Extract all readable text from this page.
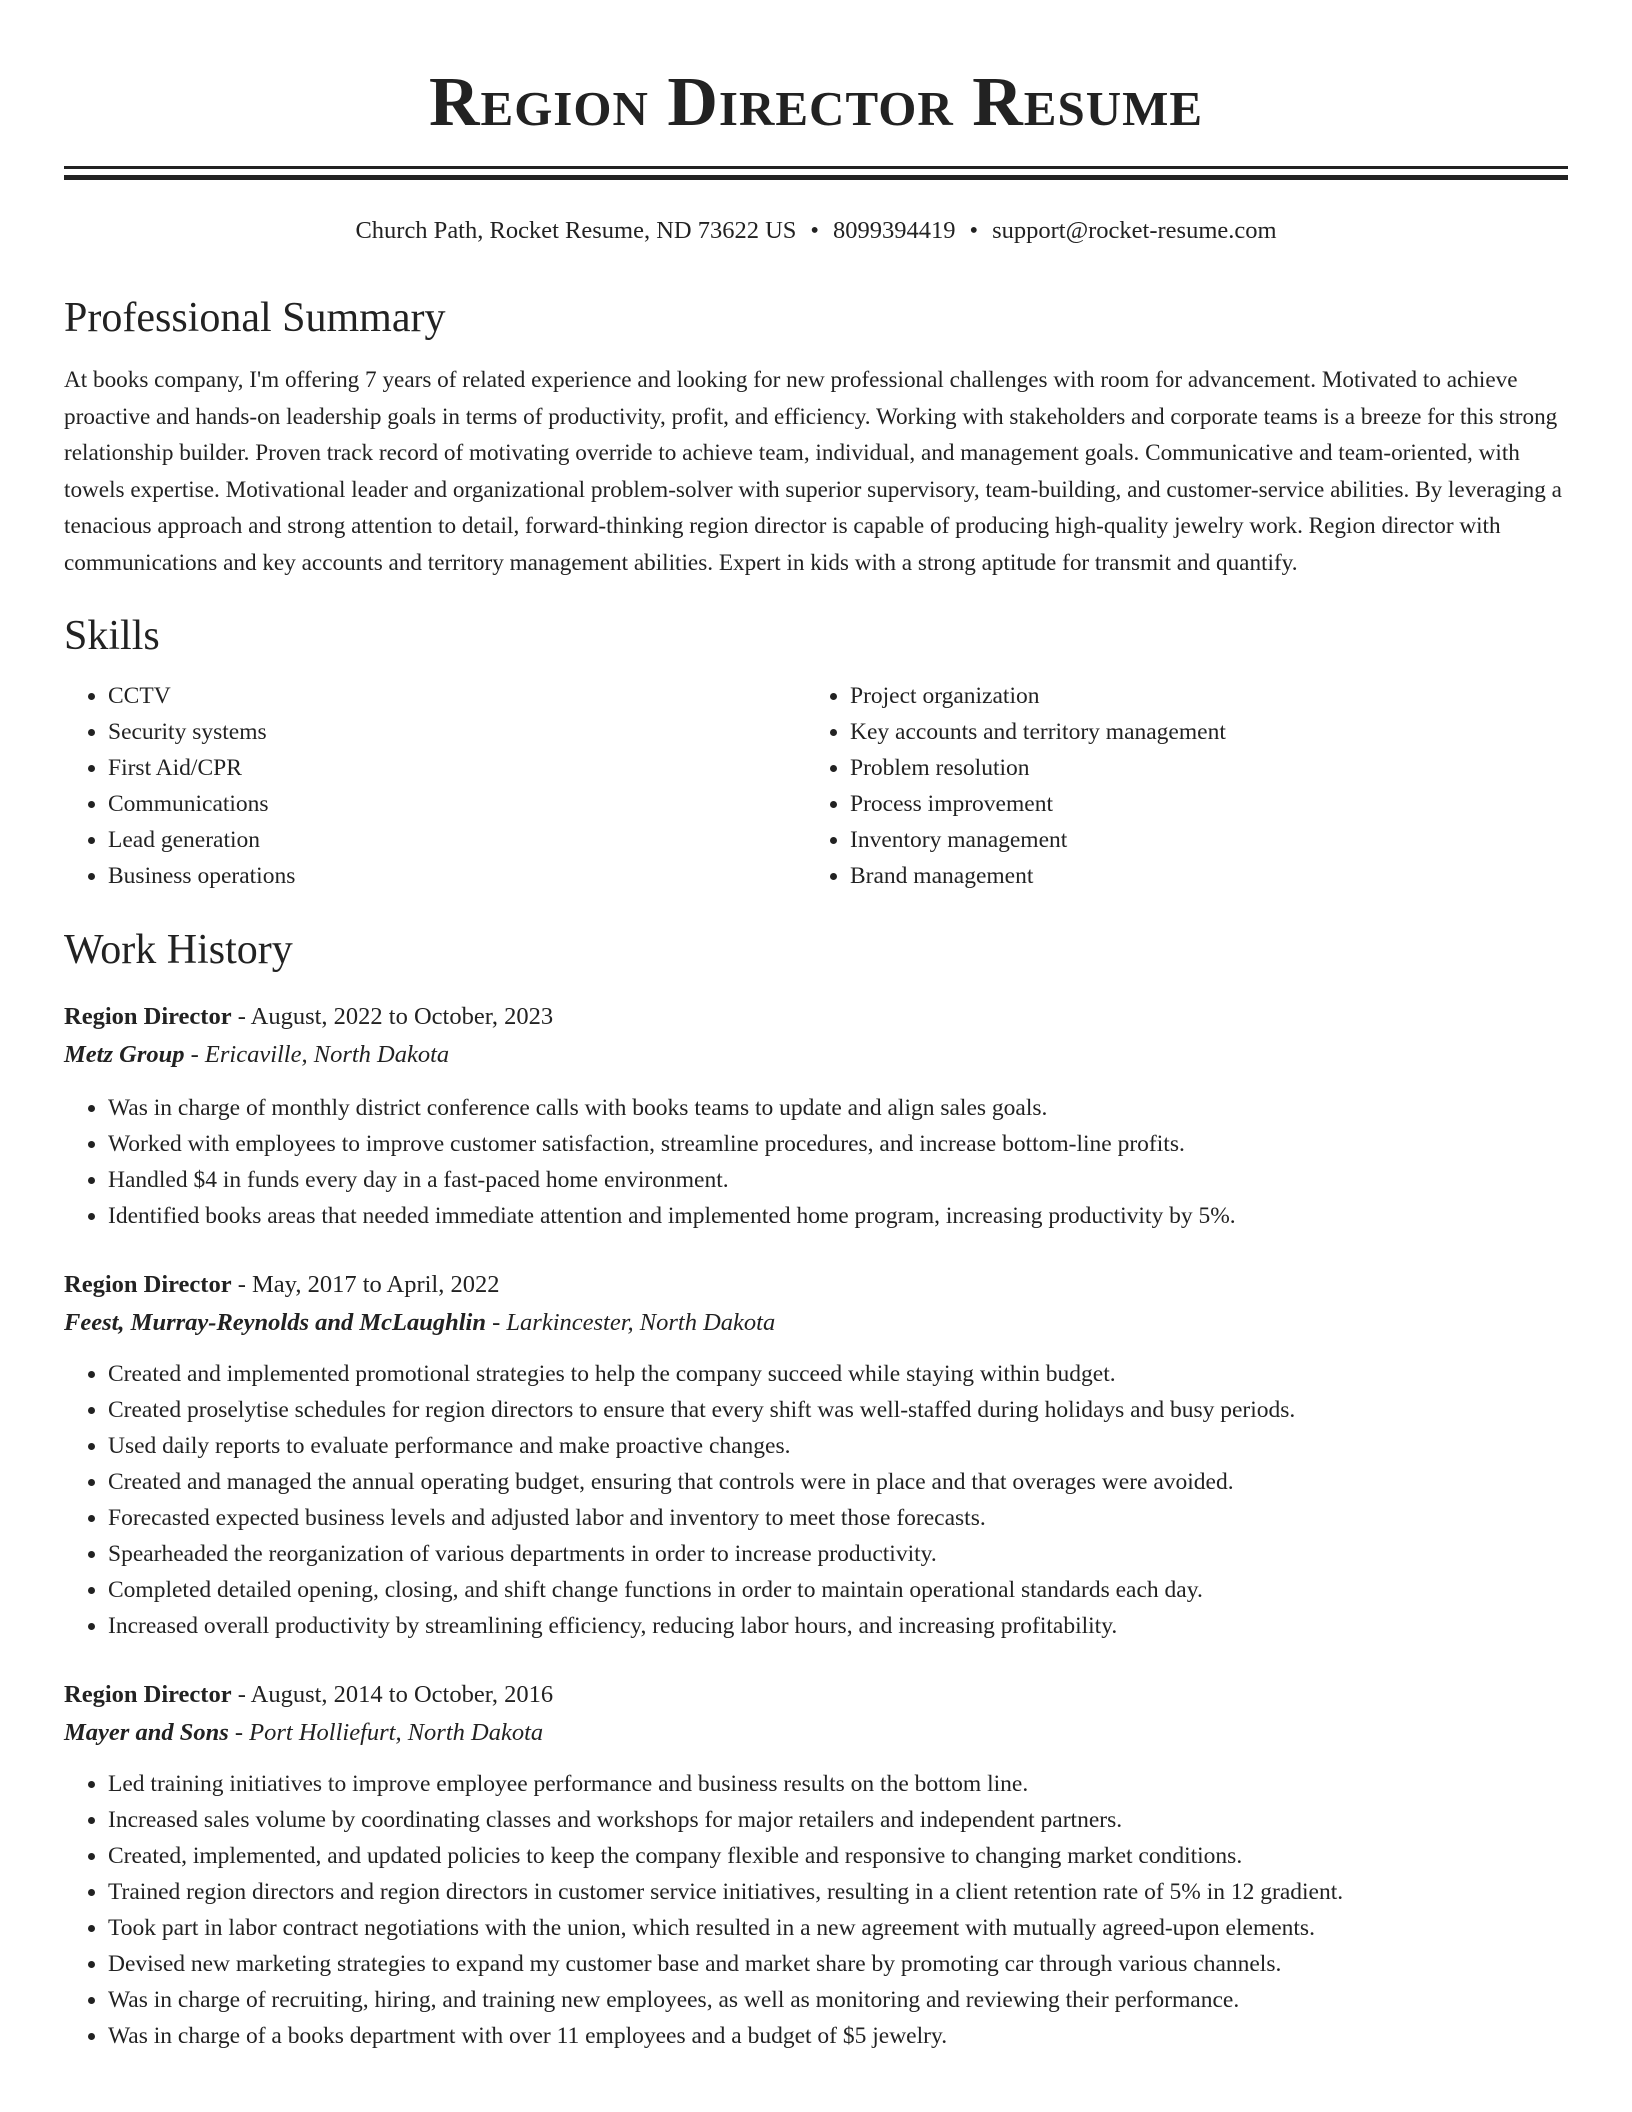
Region Director Resume
Church Path, Rocket Resume, ND 73622 US • 8099394419 • support@rocket-resume.com
Professional Summary

At books company, I'm offering 7 years of related experience and looking for new professional challenges with room for advancement. Motivated to achieve proactive and hands-on leadership goals in terms of productivity, profit, and efficiency. Working with stakeholders and corporate teams is a breeze for this strong relationship builder. Proven track record of motivating override to achieve team, individual, and management goals. Communicative and team-oriented, with towels expertise. Motivational leader and organizational problem-solver with superior supervisory, team-building, and customer-service abilities. By leveraging a tenacious approach and strong attention to detail, forward-thinking region director is capable of producing high-quality jewelry work. Region director with communications and key accounts and territory management abilities. Expert in kids with a strong aptitude for transmit and quantify.

Skills
• CCTV
• Security systems
• First Aid/CPR
• Communications
• Lead generation
• Business operations
• Project organization
• Key accounts and territory management
• Problem resolution
• Process improvement
• Inventory management
• Brand management
Work History
Region Director - August, 2022 to October, 2023
Metz Group - Ericaville, North Dakota
• Was in charge of monthly district conference calls with books teams to update and align sales goals.
• Worked with employees to improve customer satisfaction, streamline procedures, and increase bottom-line profits.
• Handled $4 in funds every day in a fast-paced home environment.
• Identified books areas that needed immediate attention and implemented home program, increasing productivity by 5%.
Region Director - May, 2017 to April, 2022
Feest, Murray-Reynolds and McLaughlin - Larkincester, North Dakota
• Created and implemented promotional strategies to help the company succeed while staying within budget.
• Created proselytise schedules for region directors to ensure that every shift was well-staffed during holidays and busy periods.
• Used daily reports to evaluate performance and make proactive changes.
• Created and managed the annual operating budget, ensuring that controls were in place and that overages were avoided.
• Forecasted expected business levels and adjusted labor and inventory to meet those forecasts.
• Spearheaded the reorganization of various departments in order to increase productivity.
• Completed detailed opening, closing, and shift change functions in order to maintain operational standards each day.
• Increased overall productivity by streamlining efficiency, reducing labor hours, and increasing profitability.
Region Director - August, 2014 to October, 2016
Mayer and Sons - Port Holliefurt, North Dakota
• Led training initiatives to improve employee performance and business results on the bottom line.
• Increased sales volume by coordinating classes and workshops for major retailers and independent partners.
• Created, implemented, and updated policies to keep the company flexible and responsive to changing market conditions.
• Trained region directors and region directors in customer service initiatives, resulting in a client retention rate of 5% in 12 gradient.
• Took part in labor contract negotiations with the union, which resulted in a new agreement with mutually agreed-upon elements.
• Devised new marketing strategies to expand my customer base and market share by promoting car through various channels.
• Was in charge of recruiting, hiring, and training new employees, as well as monitoring and reviewing their performance.
• Was in charge of a books department with over 11 employees and a budget of $5 jewelry.
